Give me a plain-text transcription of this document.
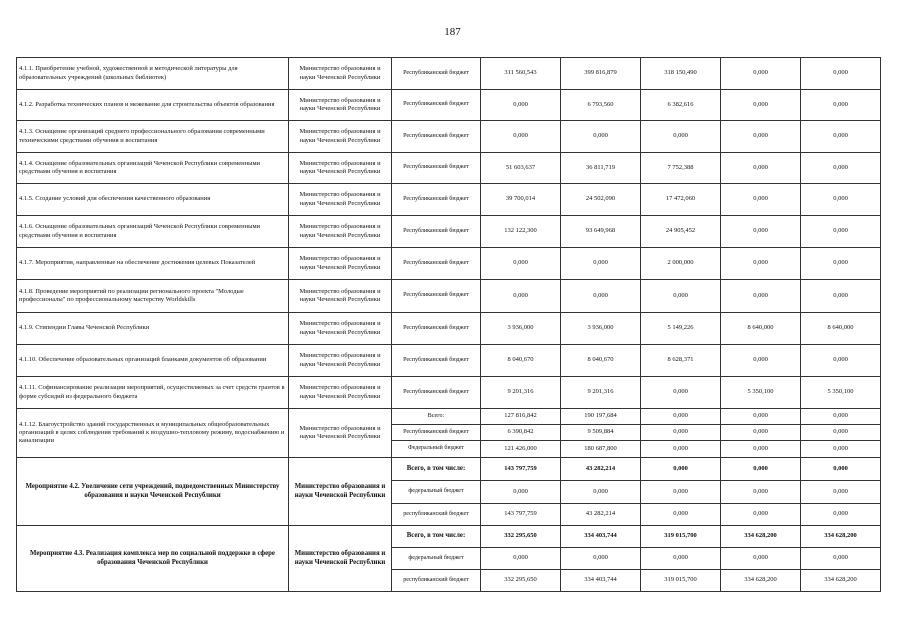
187
4.1.1. Приобретение учебной, художественной и методической литературы для образовательных учреждений (школьных библиотек)	Министерство образования и науки Чеченской Республики	Республиканский бюджет	311 560,543	399 816,879	318 150,490	0,000	0,000
4.1.2. Разработка технических планов и межевание для строительства объектов образования	Министерство образования и науки Чеченской Республики	Республиканский бюджет	0,000	6 793,560	6 382,616	0,000	0,000
4.1.3. Оснащение организаций среднего профессионального образования современными техническими средствами обучения и воспитания	Министерство образования и науки Чеченской Республики	Республиканский бюджет	0,000	0,000	0,000	0,000	0,000
4.1.4. Оснащение образовательных организаций Чеченской Республики современными средствами обучения и воспитания	Министерство образования и науки Чеченской Республики	Республиканский бюджет	51 603,637	36 811,719	7 752,388	0,000	0,000
4.1.5. Создание условий для обеспечения качественного образования	Министерство образования и науки Чеченской Республики	Республиканский бюджет	39 700,014	24 502,090	17 472,060	0,000	0,000
4.1.6. Оснащение образовательных организаций Чеченской Республики современными средствами обучения и воспитания	Министерство образования и науки Чеченской Республики	Республиканский бюджет	132 122,300	93 649,968	24 905,452	0,000	0,000
4.1.7. Мероприятия, направленные на обеспечение достижения целевых Показателей	Министерство образования и науки Чеченской Республики	Республиканский бюджет	0,000	0,000	2 000,000	0,000	0,000
4.1.8. Проведение мероприятий по реализации регионального проекта "Молодые профессионалы" по профессиональному мастерству Worldskills	Министерство образования и науки Чеченской Республики	Республиканский бюджет	0,000	0,000	0,000	0,000	0,000
4.1.9. Стипендии Главы Чеченской Республики	Министерство образования и науки Чеченской Республики	Республиканский бюджет	3 936,000	3 936,000	5 149,226	8 640,000	8 640,000
4.1.10. Обеспечение образовательных организаций бланками документов об образовании	Министерство образования и науки Чеченской Республики	Республиканский бюджет	8 040,670	8 040,670	8 628,371	0,000	0,000
4.1.11. Софинансирование реализации мероприятий, осуществляемых за счет средств грантов в форме субсидий из федерального бюджета	Министерство образования и науки Чеченской Республики	Республиканский бюджет	9 201,316	9 201,316	0,000	5 350,100	5 350,100
4.1.12. Благоустройство зданий государственных и муниципальных общеобразовательных организаций в целях соблюдения требований к воздушно-тепловому режиму, водоснабжению и канализации	Министерство образования и науки Чеченской Республики	Всего:	127 816,842	190 197,684	0,000	0,000	0,000
		Республиканский бюджет	6 390,842	9 509,884	0,000	0,000	0,000
		Федеральный бюджет	121 426,000	180 687,800	0,000	0,000	0,000
Мероприятие 4.2. Увеличение сети учреждений, подведомственных Министерству образования и науки Чеченской Республики	Министерство образования и науки Чеченской Республики	Всего, в том числе:	143 797,759	43 282,214	0,000	0,000	0,000
		федеральный бюджет	0,000	0,000	0,000	0,000	0,000
		республиканский бюджет	143 797,759	43 282,214	0,000	0,000	0,000
Мероприятие 4.3. Реализация комплекса мер по социальной поддержке в сфере образования Чеченской Республики	Министерство образования и науки Чеченской Республики	Всего, в том числе:	332 295,650	334 403,744	319 015,700	334 628,200	334 628,200
		федеральный бюджет	0,000	0,000	0,000	0,000	0,000
		республиканский бюджет	332 295,650	334 403,744	319 015,700	334 628,200	334 628,200
